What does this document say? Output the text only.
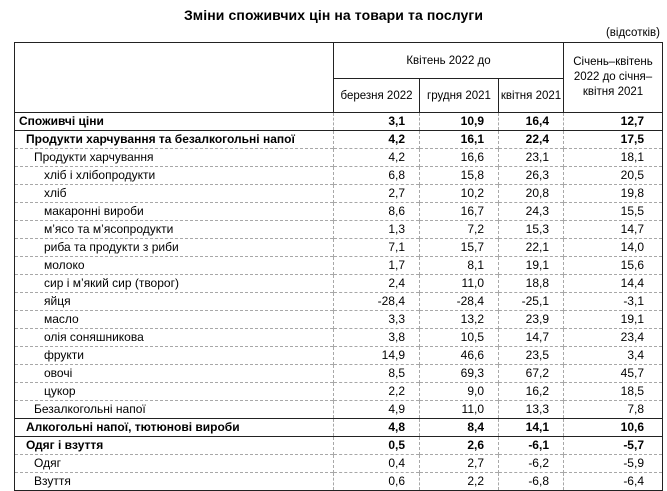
Зміни споживчих цін на товари та послуги
(відсотків)
	Квітень 2022 до			Січень–квітень 2022 до січня–квітня 2021
	березня 2022	грудня 2021	квітня 2021	
Споживчі ціни	3,1	10,9	16,4	12,7
Продукти харчування та безалкогольні напої	4,2	16,1	22,4	17,5
Продукти харчування	4,2	16,6	23,1	18,1
хліб і хлібопродукти	6,8	15,8	26,3	20,5
хліб	2,7	10,2	20,8	19,8
макаронні вироби	8,6	16,7	24,3	15,5
м’ясо та м’ясопродукти	1,3	7,2	15,3	14,7
риба та продукти з риби	7,1	15,7	22,1	14,0
молоко	1,7	8,1	19,1	15,6
сир і м’який сир (творог)	2,4	11,0	18,8	14,4
яйця	-28,4	-28,4	-25,1	-3,1
масло	3,3	13,2	23,9	19,1
олія соняшникова	3,8	10,5	14,7	23,4
фрукти	14,9	46,6	23,5	3,4
овочі	8,5	69,3	67,2	45,7
цукор	2,2	9,0	16,2	18,5
Безалкогольні напої	4,9	11,0	13,3	7,8
Алкогольні напої, тютюнові вироби	4,8	8,4	14,1	10,6
Одяг і взуття	0,5	2,6	-6,1	-5,7
Одяг	0,4	2,7	-6,2	-5,9
Взуття	0,6	2,2	-6,8	-6,4
